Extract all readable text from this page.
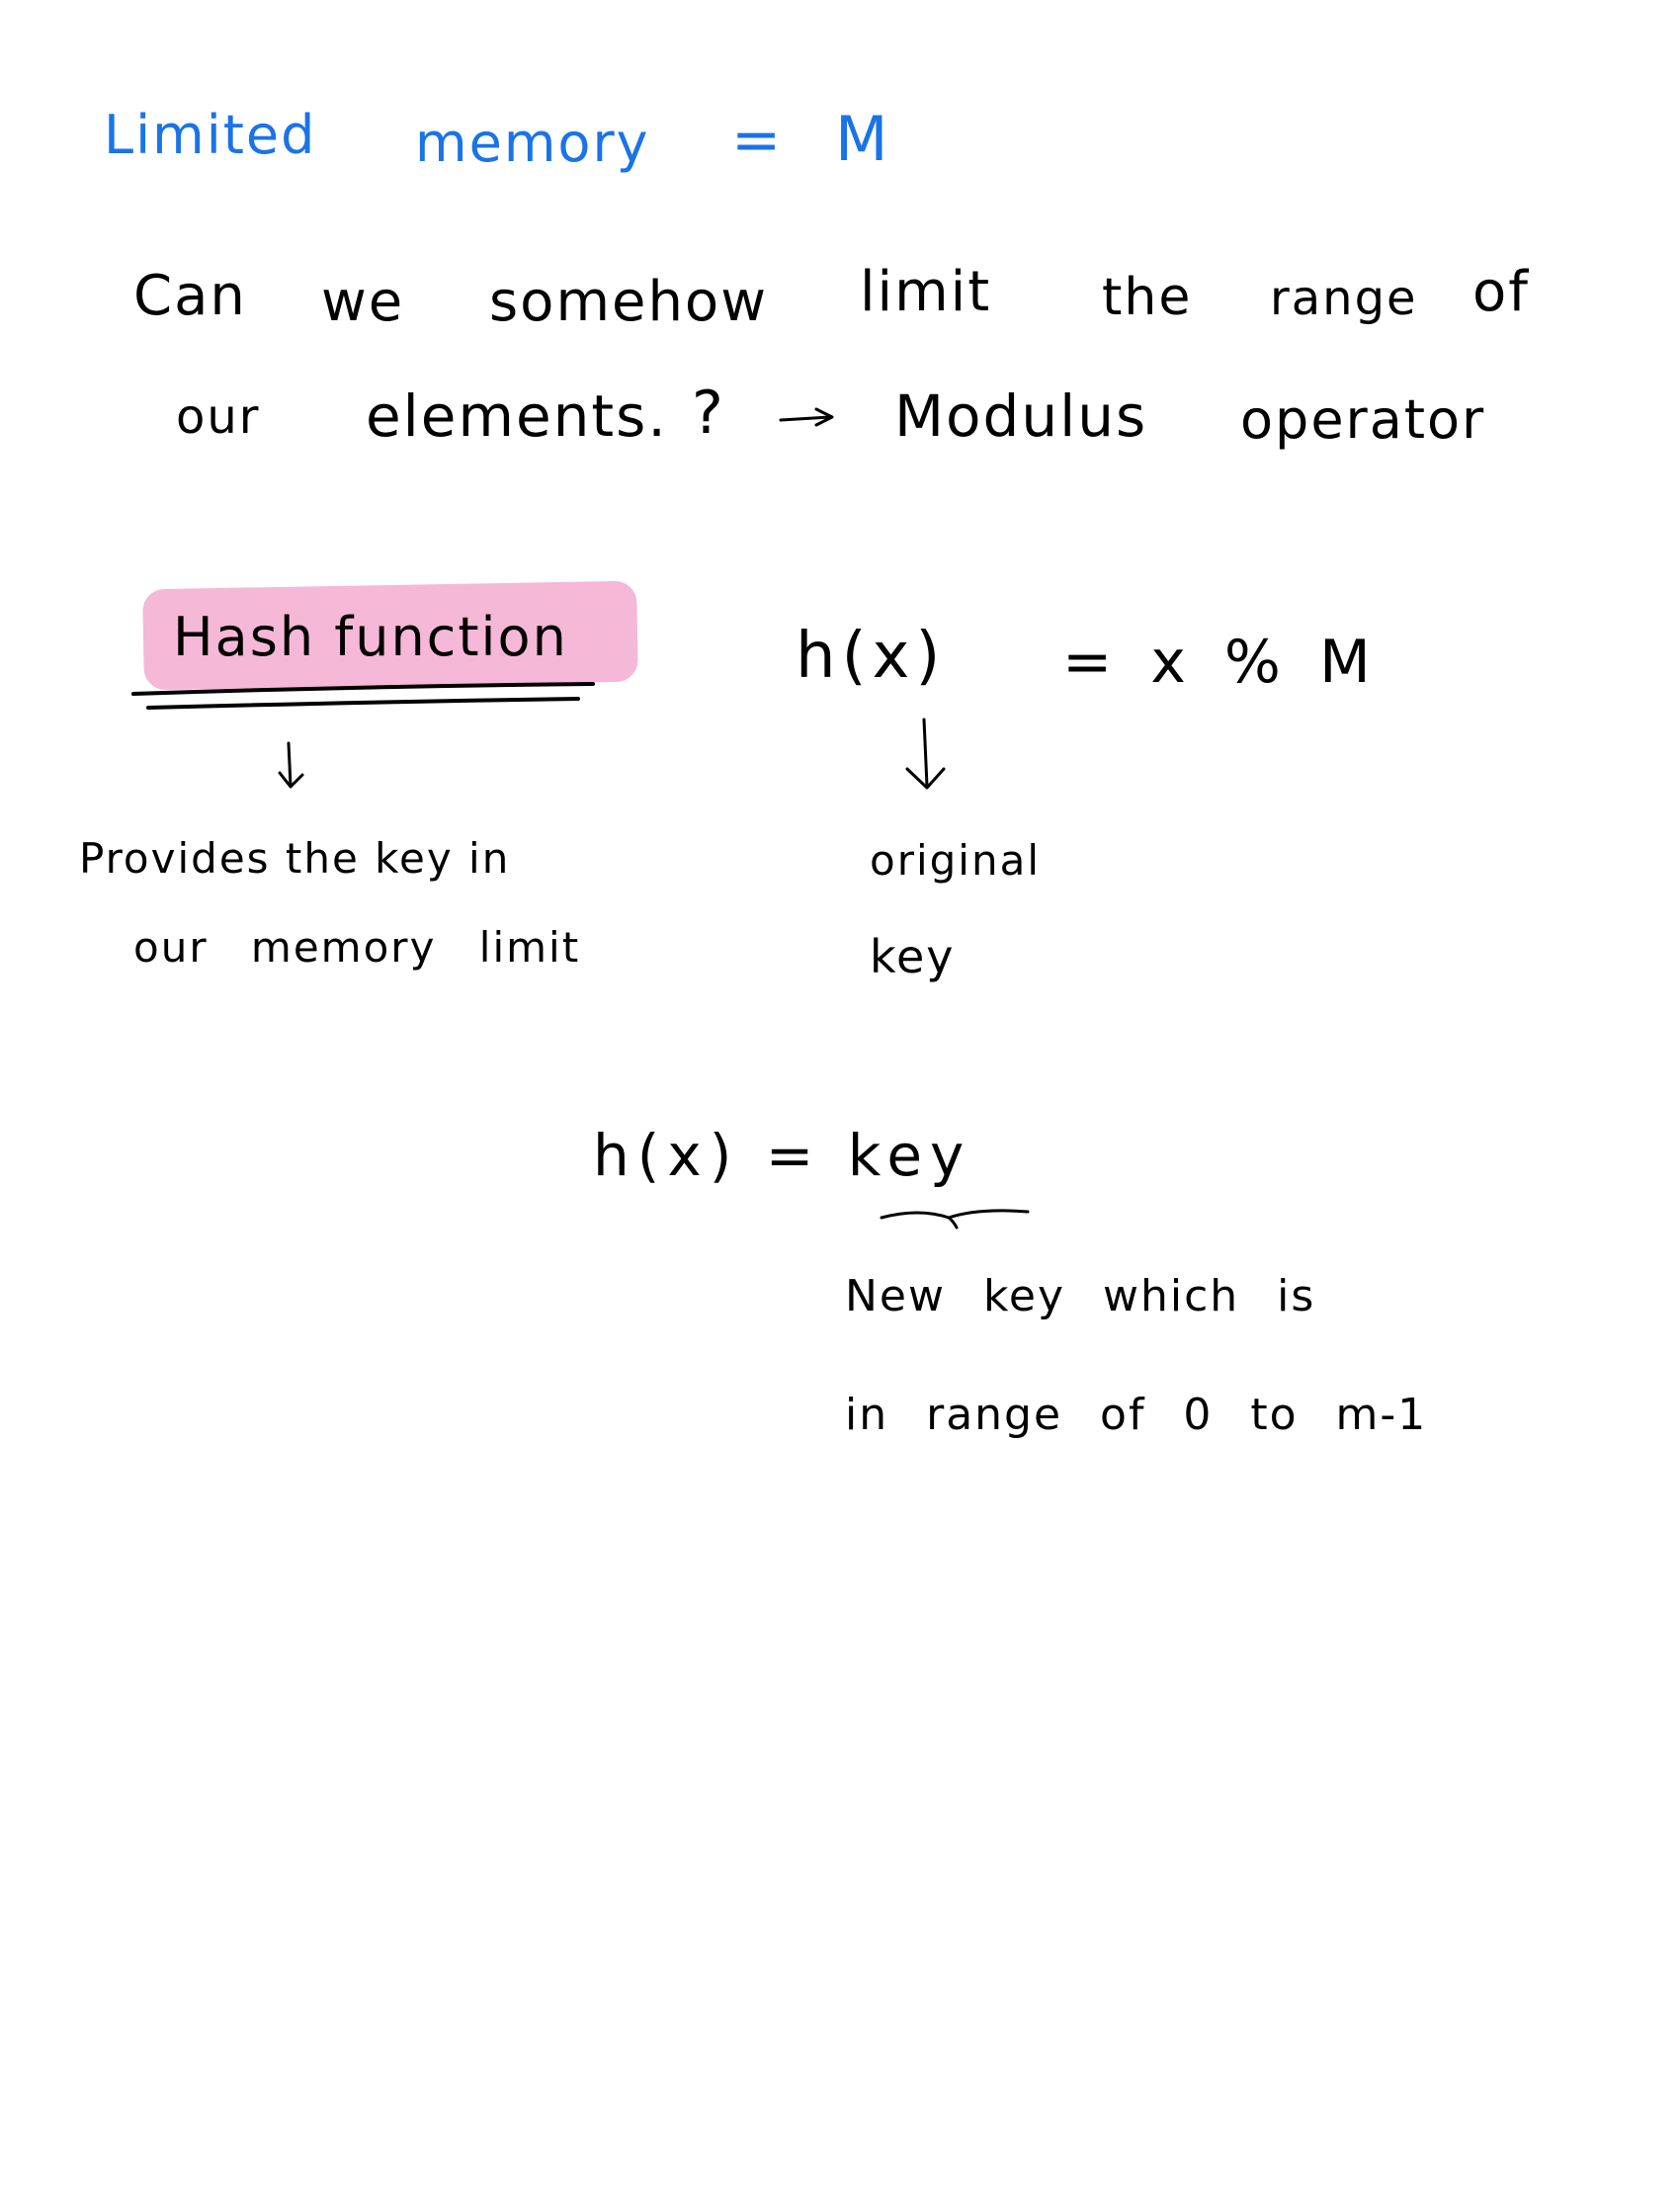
Limited memory = M
Can we somehow limit the range of
our elements. ?	Modulus operator
Hash function	h(x) = x % M
Provides the key in
our memory limit
original
key
h(x) = key
New key which is
in range of 0 to m-1
